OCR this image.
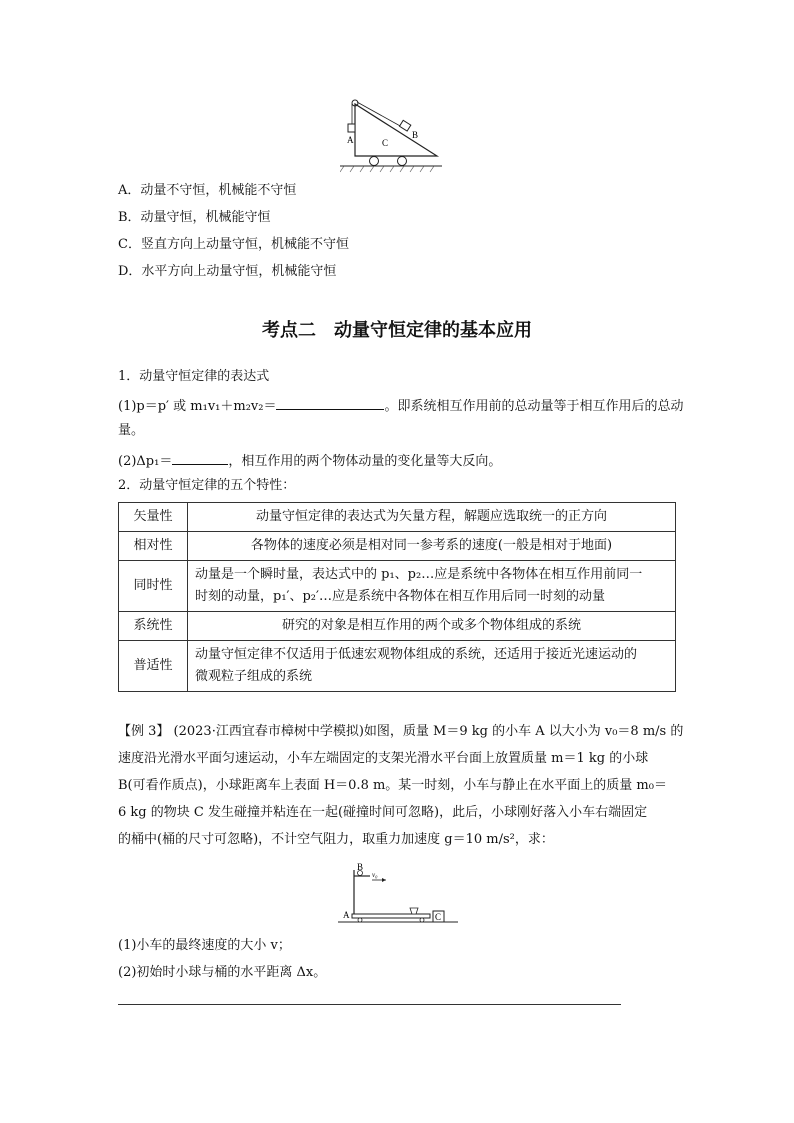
A	B
C
A．动量不守恒，机械能不守恒
B．动量守恒，机械能守恒
C．竖直方向上动量守恒，机械能不守恒
D．水平方向上动量守恒，机械能守恒
考点二　动量守恒定律的基本应用
1．动量守恒定律的表达式
(1)p＝p′ 或 m₁v₁＋m₂v₂＝	。即系统相互作用前的总动量等于相互作用后的总动
量。
(2)Δp₁＝	，相互作用的两个物体动量的变化量等大反向。
2．动量守恒定律的五个特性：
矢量性	动量守恒定律的表达式为矢量方程，解题应选取统一的正方向
相对性	各物体的速度必须是相对同一参考系的速度(一般是相对于地面)
同时性	动量是一个瞬时量，表达式中的 p₁、p₂…应是系统中各物体在相互作用前同一
时刻的动量，p₁′、p₂′…应是系统中各物体在相互作用后同一时刻的动量

系统性	研究的对象是相互作用的两个或多个物体组成的系统
普适性	动量守恒定律不仅适用于低速宏观物体组成的系统，还适用于接近光速运动的
微观粒子组成的系统
【例 3】 (2023·江西宜春市樟树中学模拟)如图，质量 M＝9 kg 的小车 A 以大小为 v₀＝8 m/s 的
速度沿光滑水平面匀速运动，小车左端固定的支架光滑水平台面上放置质量 m＝1 kg 的小球
B(可看作质点)，小球距离车上表面 H＝0.8 m。某一时刻，小车与静止在水平面上的质量 m₀＝
6 kg 的物块 C 发生碰撞并粘连在一起(碰撞时间可忽略)，此后，小球刚好落入小车右端固定
的桶中(桶的尺寸可忽略)，不计空气阻力，取重力加速度 g＝10 m/s²，求：
B
v₀
A	C
(1)小车的最终速度的大小 v；
(2)初始时小球与桶的水平距离 Δx。
